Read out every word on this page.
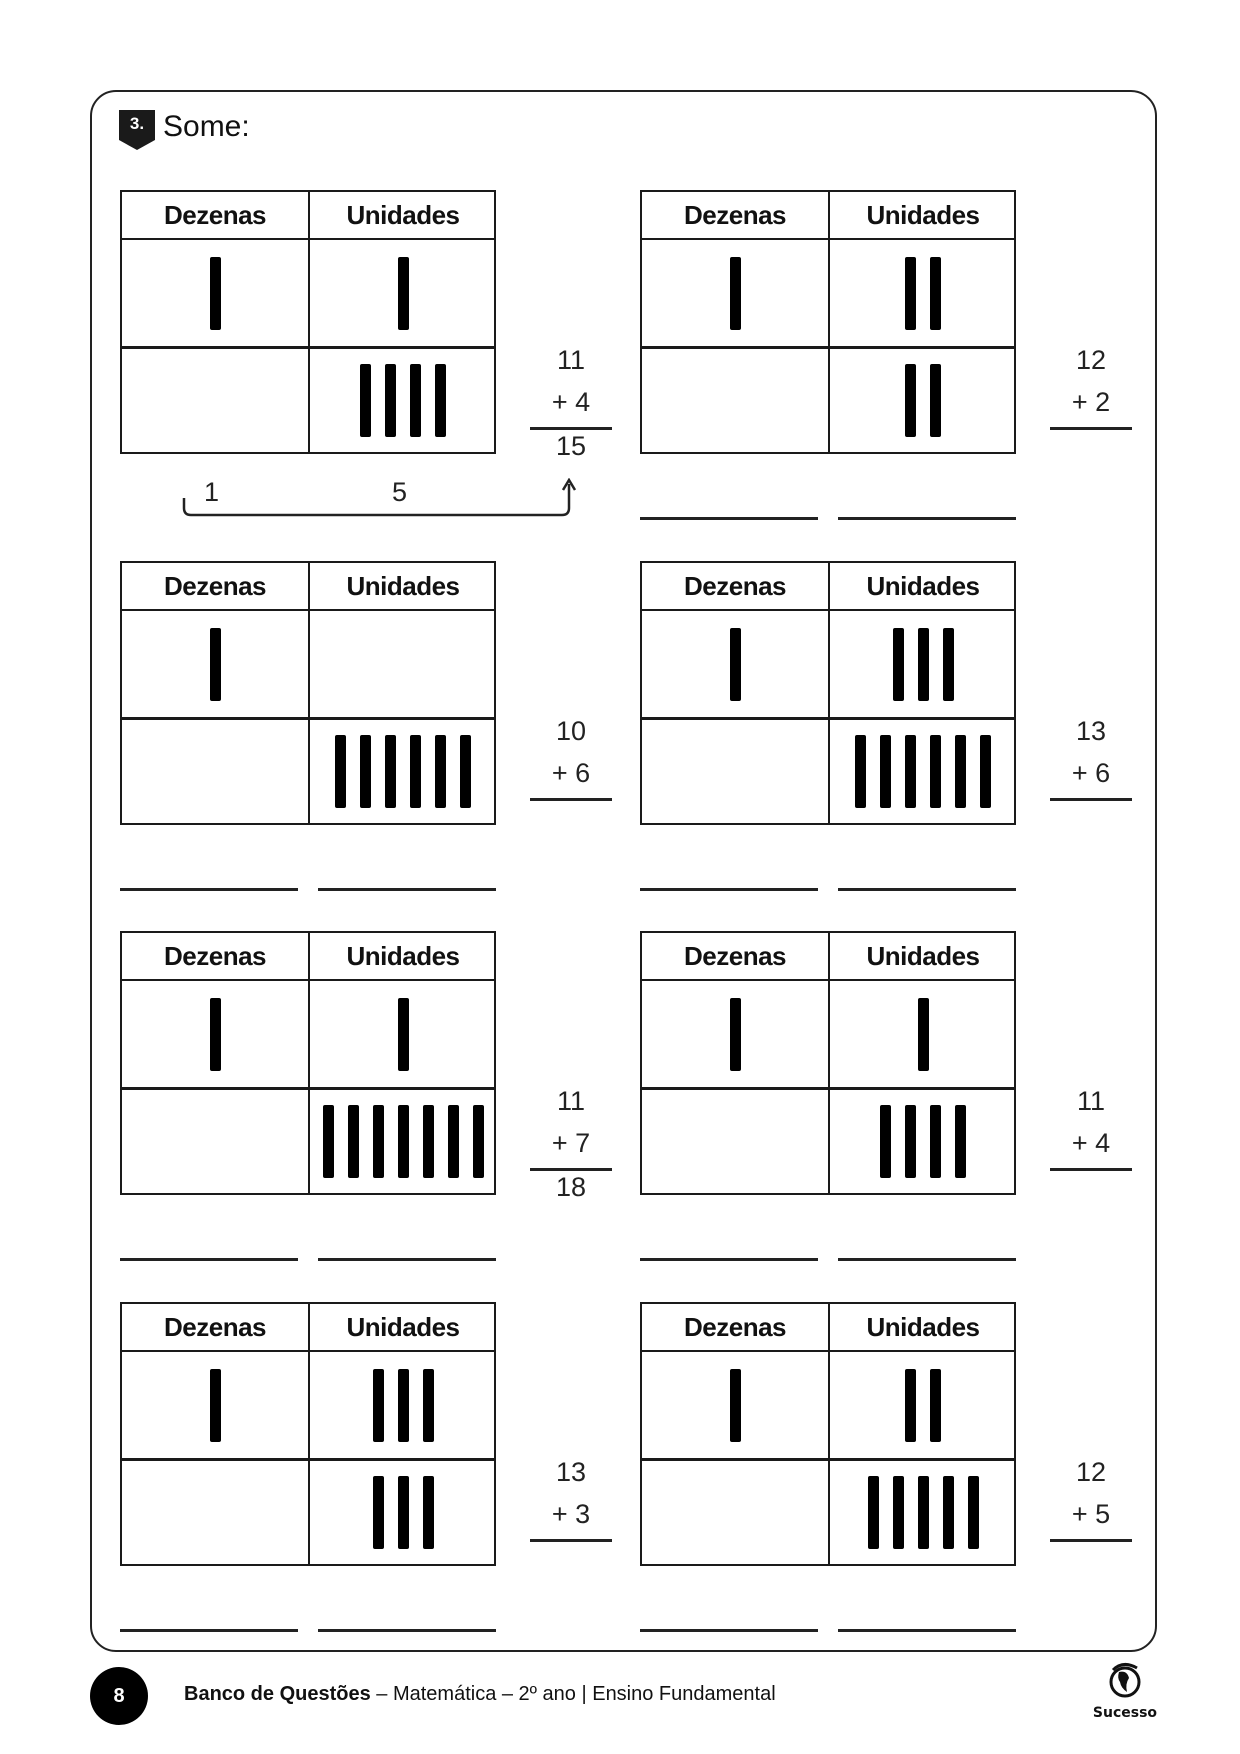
3. Some:
Dezenas	Unidades
11
+ 4
15
Dezenas	Unidades
12
+ 2
Dezenas	Unidades
10
+ 6
Dezenas	Unidades
13
+ 6
Dezenas	Unidades
11
+ 7
18
Dezenas	Unidades
11
+ 4
Dezenas	Unidades
13
+ 3
Dezenas	Unidades
12
+ 5
1	5
8	Banco de Questões – Matemática – 2º ano | Ensino Fundamental
Sucesso
